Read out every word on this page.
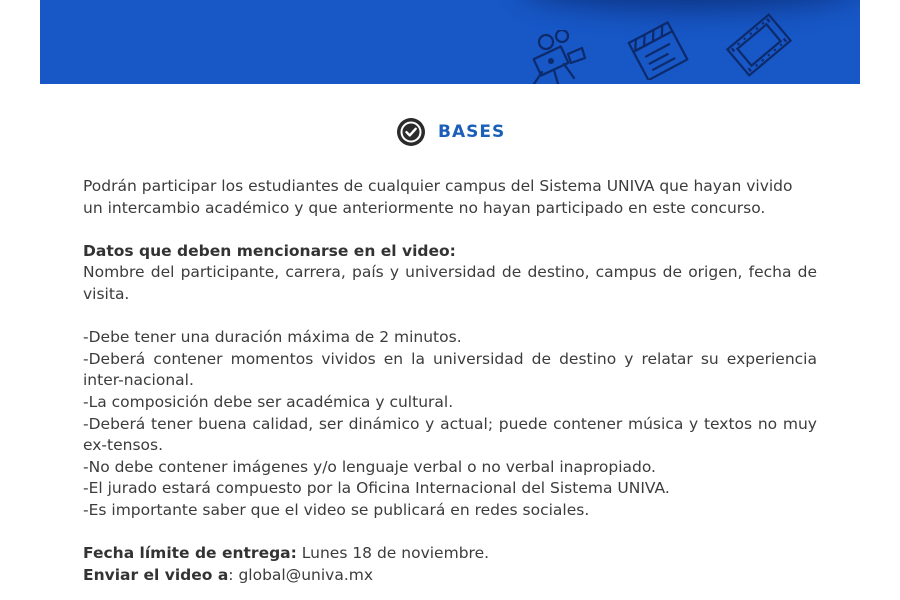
BASES

Podrán participar los estudiantes de cualquier campus del Sistema UNIVA que hayan vivido un intercambio académico y que anteriormente no hayan participado en este concurso.

Datos que deben mencionarse en el video:

Nombre del participante, carrera, país y universidad de destino, campus de origen, fecha de visita.

-Debe tener una duración máxima de 2 minutos.

-Deberá contener momentos vividos en la universidad de destino y relatar su experiencia inter-nacional.

-La composición debe ser académica y cultural.

-Deberá tener buena calidad, ser dinámico y actual; puede contener música y textos no muy ex-tensos.

-No debe contener imágenes y/o lenguaje verbal o no verbal inapropiado.

-El jurado estará compuesto por la Oficina Internacional del Sistema UNIVA.

-Es importante saber que el video se publicará en redes sociales.

Fecha límite de entrega: Lunes 18 de noviembre.

Enviar el video a: global@univa.mx
